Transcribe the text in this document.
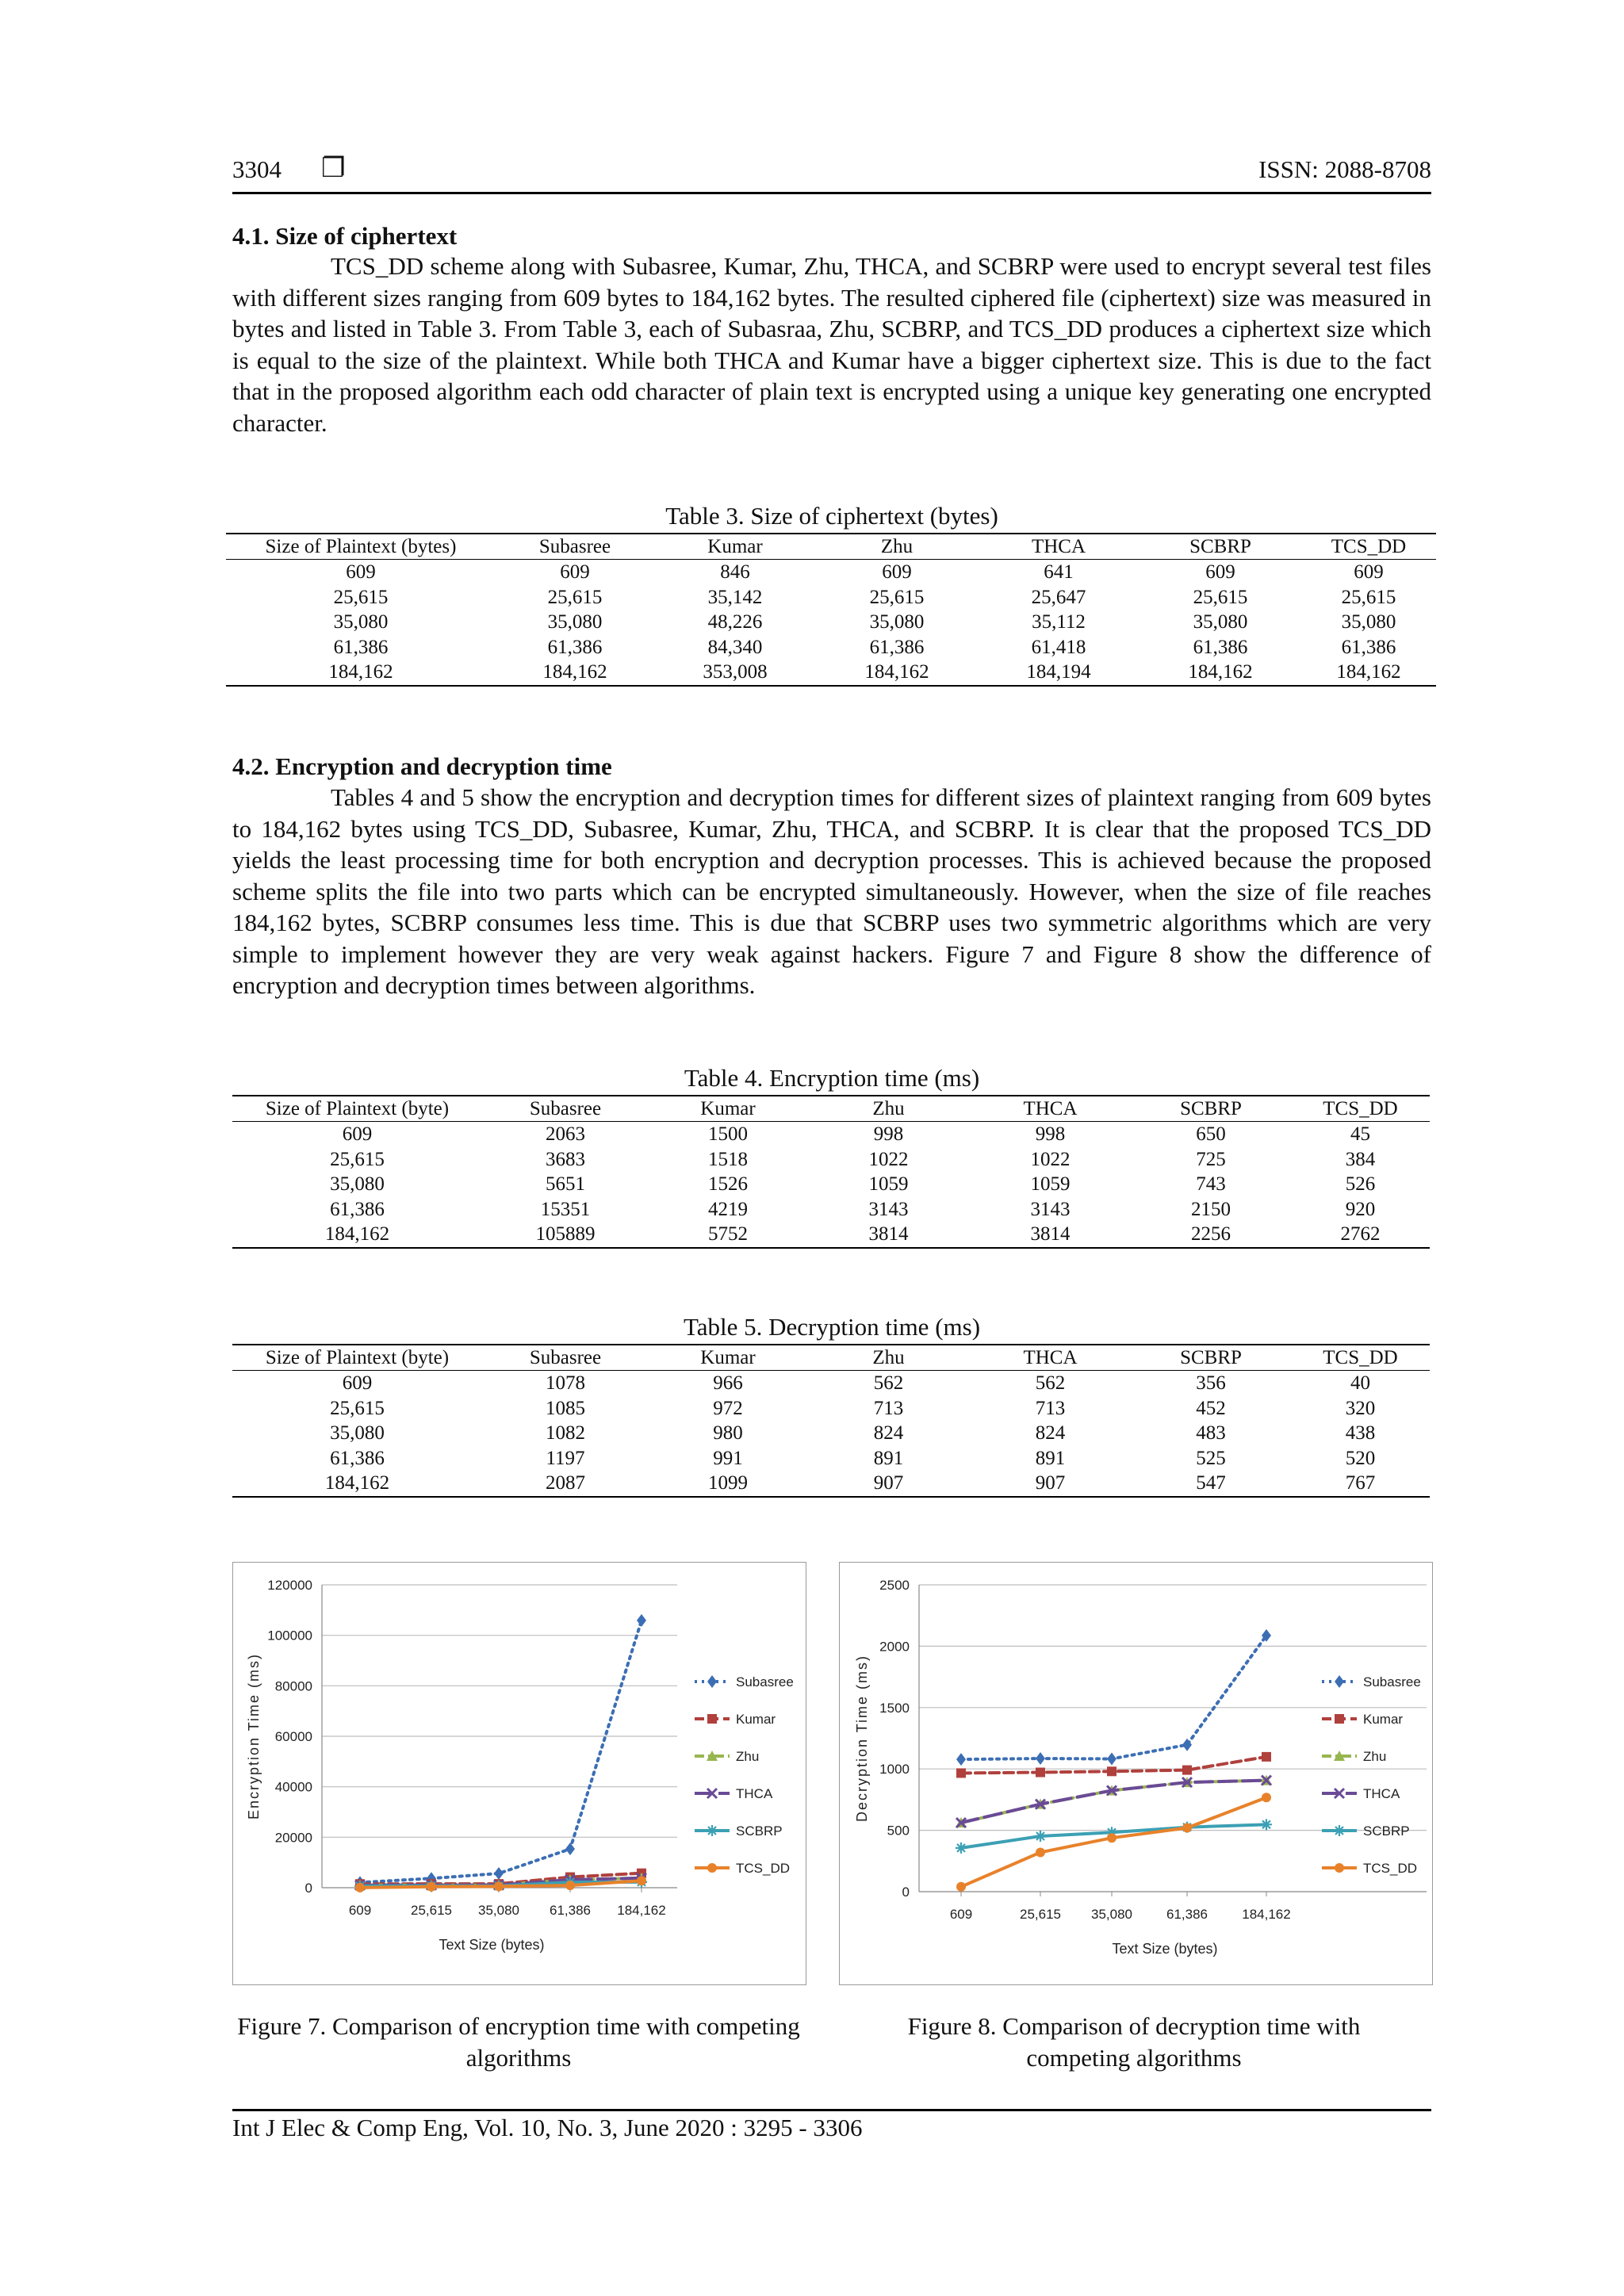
3304 ❐	ISSN: 2088-8708
4.1. Size of ciphertext

TCS_DD scheme along with Subasree, Kumar, Zhu, THCA, and SCBRP were used to encrypt several test files with different sizes ranging from 609 bytes to 184,162 bytes. The resulted ciphered file (ciphertext) size was measured in bytes and listed in Table 3. From Table 3, each of Subasraa, Zhu, SCBRP, and TCS_DD produces a ciphertext size which is equal to the size of the plaintext. While both THCA and Kumar have a bigger ciphertext size. This is due to the fact that in the proposed algorithm each odd character of plain text is encrypted using a unique key generating one encrypted character.

Table 3. Size of ciphertext (bytes)
Size of Plaintext (bytes)	Subasree	Kumar	Zhu	THCA	SCBRP	TCS_DD
609	609	846	609	641	609	609
25,615	25,615	35,142	25,615	25,647	25,615	25,615
35,080	35,080	48,226	35,080	35,112	35,080	35,080
61,386	61,386	84,340	61,386	61,418	61,386	61,386
184,162	184,162	353,008	184,162	184,194	184,162	184,162
4.2. Encryption and decryption time

Tables 4 and 5 show the encryption and decryption times for different sizes of plaintext ranging from 609 bytes to 184,162 bytes using TCS_DD, Subasree, Kumar, Zhu, THCA, and SCBRP. It is clear that the proposed TCS_DD yields the least processing time for both encryption and decryption processes. This is achieved because the proposed scheme splits the file into two parts which can be encrypted simultaneously. However, when the size of file reaches 184,162 bytes, SCBRP consumes less time. This is due that SCBRP uses two symmetric algorithms which are very simple to implement however they are very weak against hackers. Figure 7 and Figure 8 show the difference of encryption and decryption times between algorithms.

Table 4. Encryption time (ms)
Size of Plaintext (byte)	Subasree	Kumar	Zhu	THCA	SCBRP	TCS_DD
609	2063	1500	998	998	650	45
25,615	3683	1518	1022	1022	725	384
35,080	5651	1526	1059	1059	743	526
61,386	15351	4219	3143	3143	2150	920
184,162	105889	5752	3814	3814	2256	2762
Table 5. Decryption time (ms)
Size of Plaintext (byte)	Subasree	Kumar	Zhu	THCA	SCBRP	TCS_DD
609	1078	966	562	562	356	40
25,615	1085	972	713	713	452	320
35,080	1082	980	824	824	483	438
61,386	1197	991	891	891	525	520
184,162	2087	1099	907	907	547	767
0
20000
40000
60000
80000
100000
120000
609	25,615 35,080 61,386 184,162
Text Size (bytes)
Encryption Time (ms)	Subasree
Kumar
Zhu
THCA
SCBRP
TCS_DD
Figure 7. Comparison of encryption time with competing algorithms
0
500
1000
1500
2000
2500
609	25,615 35,080	61,386	184,162
Text Size (bytes)
Decryption Time (ms)	Subasree
Kumar
Zhu
THCA
SCBRP
TCS_DD
Figure 8. Comparison of decryption time with competing algorithms
Int J Elec & Comp Eng, Vol. 10, No. 3, June 2020 : 3295 - 3306
